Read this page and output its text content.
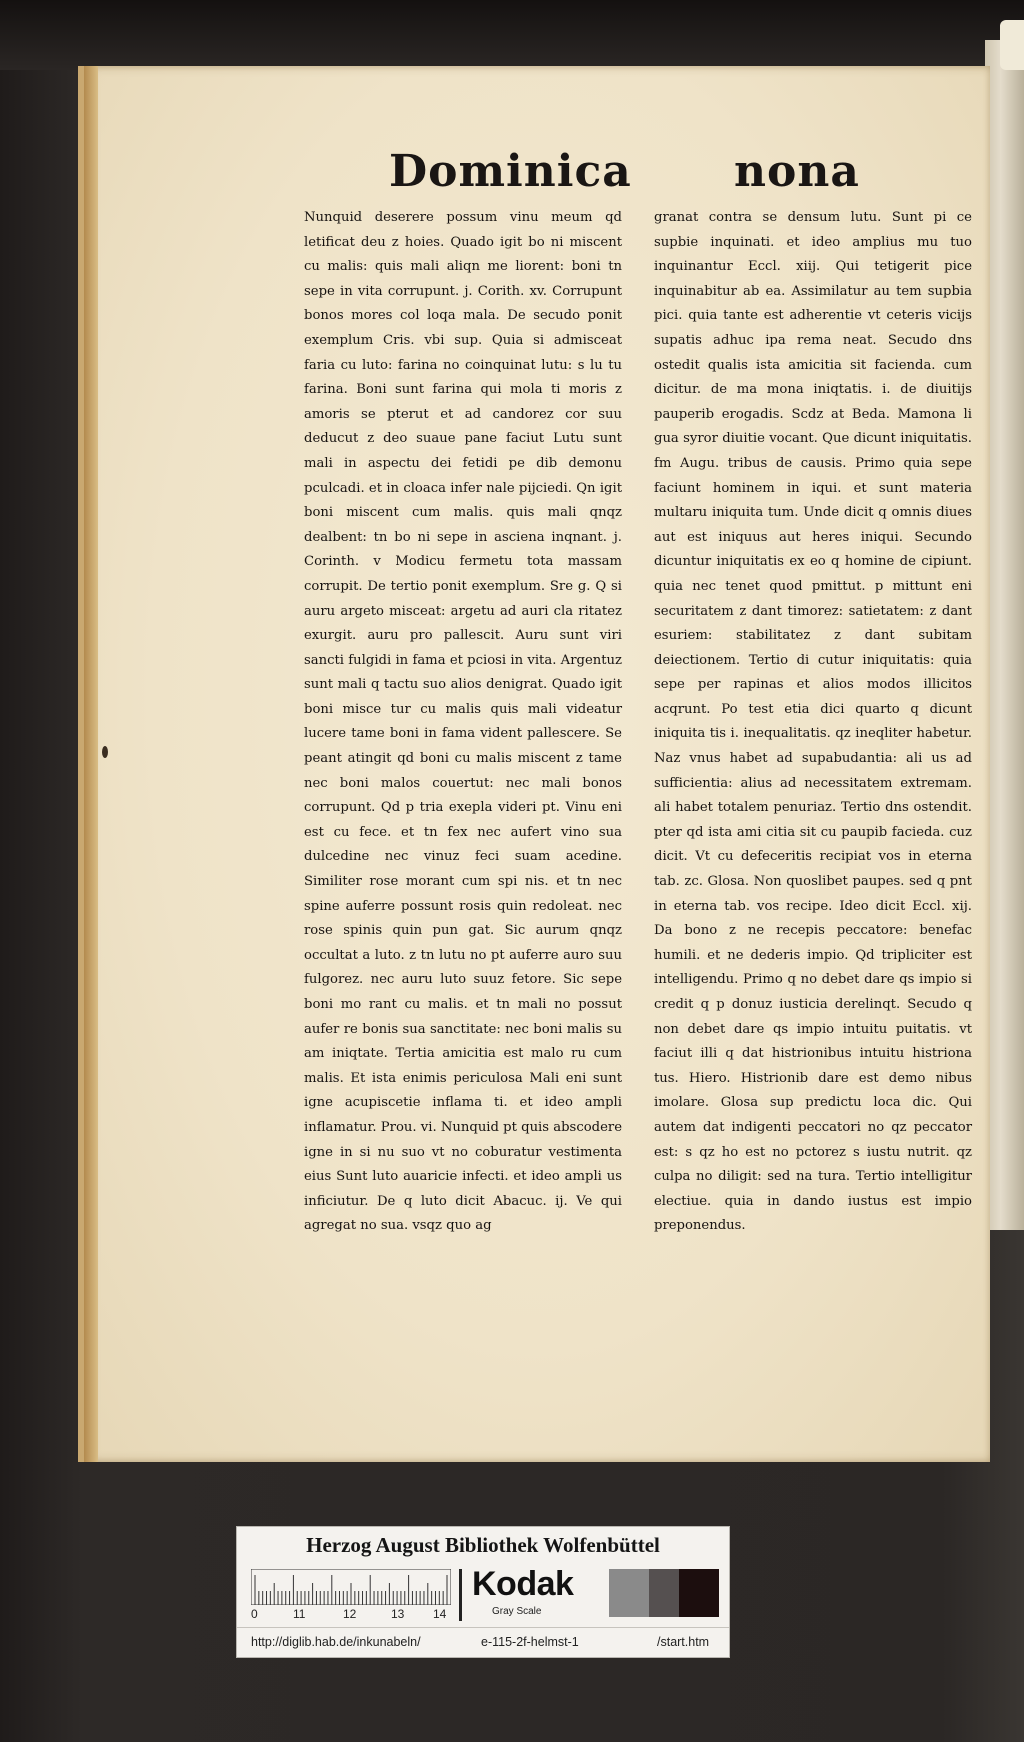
Dominica nona
Nunquid deserere possum vinu meum qd letificat deu z hoies. Quado igit bo ni miscent cu malis: quis mali aliqn me liorent: boni tn sepe in vita corrupunt. j. Corith. xv. Corrupunt bonos mores col loqa mala. De secudo ponit exemplum Cris. vbi sup. Quia si admisceat faria cu luto: farina no coinquinat lutu: s lu tu farina. Boni sunt farina qui mola ti moris z amoris se pterut et ad candorez cor suu deducut z deo suaue pane faciut Lutu sunt mali in aspectu dei fetidi pe dib demonu pculcadi. et in cloaca infer nale pijciedi. Qn igit boni miscent cum malis. quis mali qnqz dealbent: tn bo ni sepe in asciena inqnant. j. Corinth. v Modicu fermetu tota massam corrupit. De tertio ponit exemplum. Sre g. Q si auru argeto misceat: argetu ad auri cla ritatez exurgit. auru pro pallescit. Auru sunt viri sancti fulgidi in fama et pciosi in vita. Argentuz sunt mali q tactu suo alios denigrat. Quado igit boni misce tur cu malis quis mali videatur lucere tame boni in fama vident pallescere. Se peant atingit qd boni cu malis miscent z tame nec boni malos couertut: nec mali bonos corrupunt. Qd p tria exepla videri pt. Vinu eni est cu fece. et tn fex nec aufert vino sua dulcedine nec vinuz feci suam acedine. Similiter rose morant cum spi nis. et tn nec spine auferre possunt rosis quin redoleat. nec rose spinis quin pun gat. Sic aurum qnqz occultat a luto. z tn lutu no pt auferre auro suu fulgorez. nec auru luto suuz fetore. Sic sepe boni mo rant cu malis. et tn mali no possut aufer re bonis sua sanctitate: nec boni malis su am iniqtate. Tertia amicitia est malo ru cum malis. Et ista enimis periculosa Mali eni sunt igne acupiscetie inflama ti. et ideo ampli inflamatur. Prou. vi. Nunquid pt quis abscodere igne in si nu suo vt no coburatur vestimenta eius Sunt luto auaricie infecti. et ideo ampli us inficiutur. De q luto dicit Abacuc. ij. Ve qui agregat no sua. vsqz quo ag
granat contra se densum lutu. Sunt pi ce supbie inquinati. et ideo amplius mu tuo inquinantur Eccl. xiij. Qui tetigerit pice inquinabitur ab ea. Assimilatur au tem supbia pici. quia tante est adherentie vt ceteris vicijs supatis adhuc ipa rema neat. Secudo dns ostedit qualis ista amicitia sit facienda. cum dicitur. de ma mona iniqtatis. i. de diuitijs pauperib erogadis. Scdz at Beda. Mamona li gua syror diuitie vocant. Que dicunt iniquitatis. fm Augu. tribus de causis. Primo quia sepe faciunt hominem in iqui. et sunt materia multaru iniquita tum. Unde dicit q omnis diues aut est iniquus aut heres iniqui. Secundo dicuntur iniquitatis ex eo q homine de cipiunt. quia nec tenet quod pmittut. p mittunt eni securitatem z dant timorez: satietatem: z dant esuriem: stabilitatez z dant subitam deiectionem. Tertio di cutur iniquitatis: quia sepe per rapinas et alios modos illicitos acqrunt. Po test etia dici quarto q dicunt iniquita tis i. inequalitatis. qz ineqliter habetur. Naz vnus habet ad supabudantia: ali us ad sufficientia: alius ad necessitatem extremam. ali habet totalem penuriaz. Tertio dns ostendit. pter qd ista ami citia sit cu paupib facieda. cuz dicit. Vt cu defeceritis recipiat vos in eterna tab. zc. Glosa. Non quoslibet paupes. sed q pnt in eterna tab. vos recipe. Ideo dicit Eccl. xij. Da bono z ne recepis peccatore: benefac humili. et ne dederis impio. Qd tripliciter est intelligendu. Primo q no debet dare qs impio si credit q p donuz iusticia derelinqt. Secudo q non debet dare qs impio intuitu puitatis. vt faciut illi q dat histrionibus intuitu histriona tus. Hiero. Histrionib dare est demo nibus imolare. Glosa sup predictu loca dic. Qui autem dat indigenti peccatori no qz peccator est: s qz ho est no pctorez s iustu nutrit. qz culpa no diligit: sed na tura. Tertio intelligitur electiue. quia in dando iustus est impio preponendus.
Herzog August Bibliothek Wolfenbüttel
0	11	12	13 14
Kodak
Gray Scale
http://diglib.hab.de/inkunabeln/	e-115-2f-helmst-1	/start.htm
